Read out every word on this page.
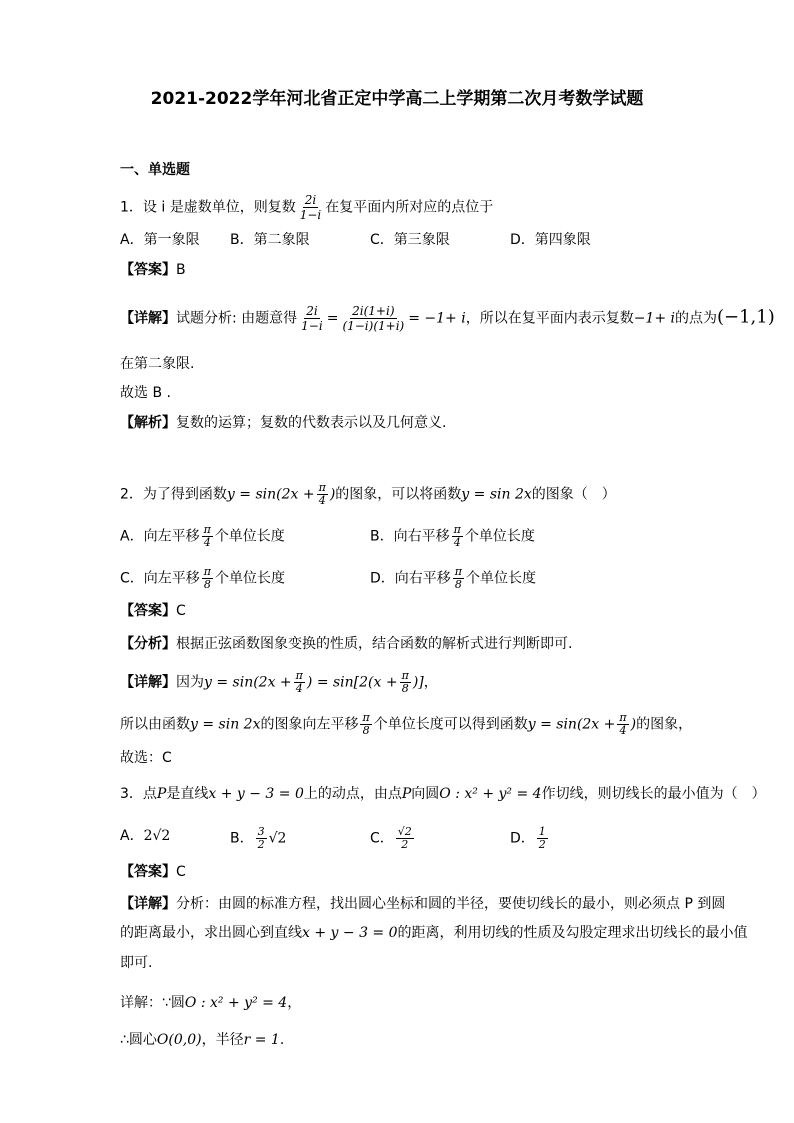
2021-2022学年河北省正定中学高二上学期第二次月考数学试题
一、单选题
1．设 i 是虚数单位，则复数 $\frac{2i}{1-i}$ 在复平面内所对应的点位于
A．第一象限 B．第二象限	C．第三象限	D．第四象限
【答案】B
【详解】试题分析: 由题意得 $\frac{2i}{1-i} = \frac{2i(1+i)}{(1-i)(1+i)} = -1+ i$，所以在复平面内表示复数−1+ i的点为(−1,1)
在第二象限.
故选 B .
【解析】复数的运算；复数的代数表示以及几何意义.
2．为了得到函数$y = \sin(2x + \frac{\pi}{4}$ )的图象，可以将函数y = sin 2x的图象（　）
A．向左平移 $\frac{\pi}{4}$ 个单位长度	B．向右平移 $\frac{\pi}{4}$ 个单位长度
C．向左平移 $\frac{\pi}{8}$ 个单位长度	D．向右平移 $\frac{\pi}{8}$ 个单位长度
【答案】C
【分析】根据正弦函数图象变换的性质，结合函数的解析式进行判断即可.
【详解】因为$y = \sin(2x + \frac{\pi}{4}$ ) = $\sin[2(x + \frac{\pi}{8}$ )]，
所以由函数y = sin 2x的图象向左平移 $\frac{\pi}{8}$ 个单位长度可以得到函数$y = \sin(2x + \frac{\pi}{4}$ )的图象，
故选：C
3．点P是直线x + y − 3 = 0上的动点，由点P向圆O : x² + y² = 4作切线，则切线长的最小值为（　）
A．2√2	B． $\frac{3}{2} √2$	C． $\frac{√2}{2}$	D． $\frac{1}{2}$
【答案】C
【详解】分析：由圆的标准方程，找出圆心坐标和圆的半径，要使切线长的最小，则必须点 P 到圆
的距离最小，求出圆心到直线x + y − 3 = 0的距离，利用切线的性质及勾股定理求出切线长的最小值
即可.
详解：∵圆O : x² + y² = 4，
∴圆心O(0,0)，半径r = 1.
